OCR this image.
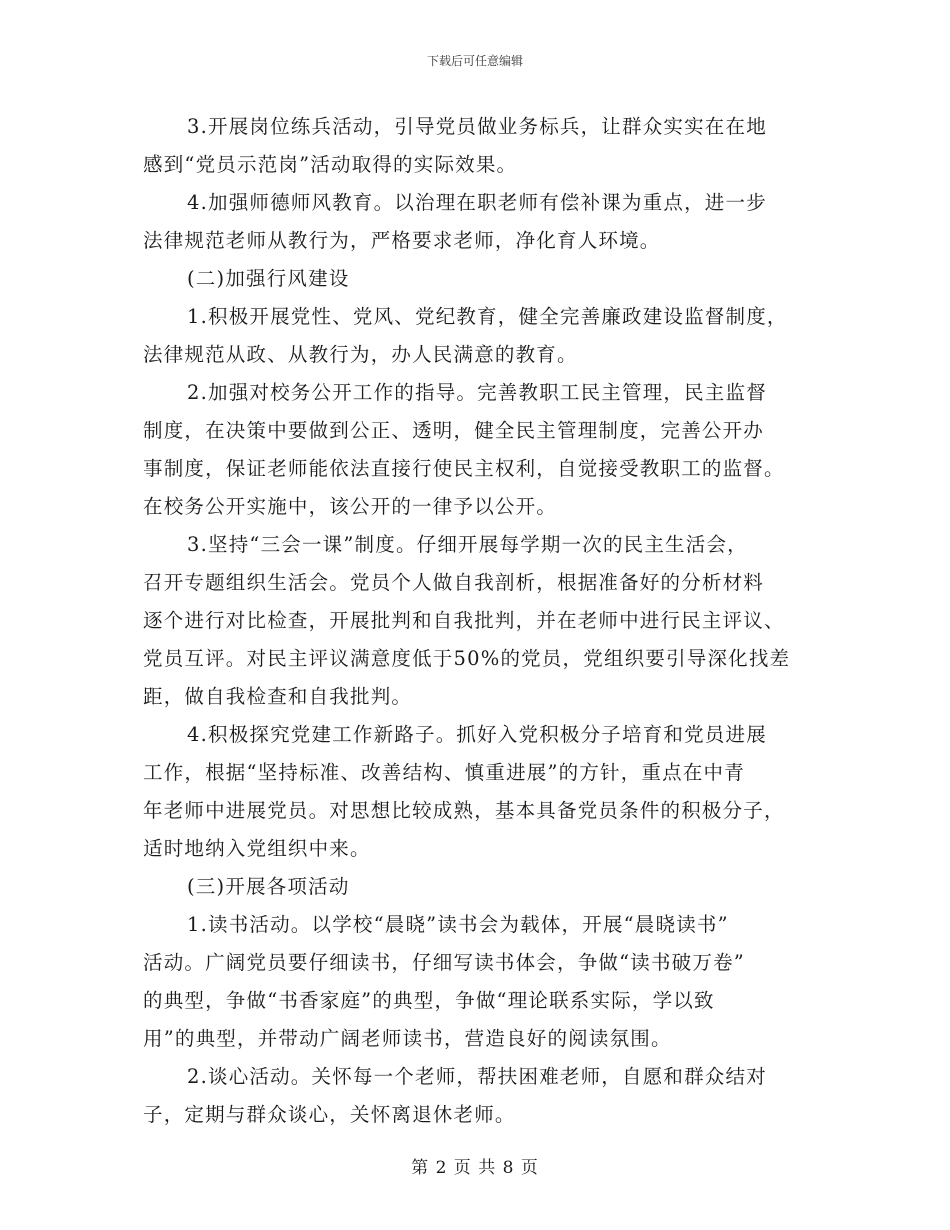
下载后可任意编辑
3.开展岗位练兵活动，引导党员做业务标兵，让群众实实在在地
感到“党员示范岗”活动取得的实际效果。
4.加强师德师风教育。以治理在职老师有偿补课为重点，进一步
法律规范老师从教行为，严格要求老师，净化育人环境。
(二)加强行风建设
1.积极开展党性、党风、党纪教育，健全完善廉政建设监督制度，
法律规范从政、从教行为，办人民满意的教育。
2.加强对校务公开工作的指导。完善教职工民主管理，民主监督
制度，在决策中要做到公正、透明，健全民主管理制度，完善公开办
事制度，保证老师能依法直接行使民主权利，自觉接受教职工的监督。
在校务公开实施中，该公开的一律予以公开。
3.坚持“三会一课”制度。仔细开展每学期一次的民主生活会，
召开专题组织生活会。党员个人做自我剖析，根据准备好的分析材料
逐个进行对比检查，开展批判和自我批判，并在老师中进行民主评议、
党员互评。对民主评议满意度低于50%的党员，党组织要引导深化找差
距，做自我检查和自我批判。
4.积极探究党建工作新路子。抓好入党积极分子培育和党员进展
工作，根据“坚持标准、改善结构、慎重进展”的方针，重点在中青
年老师中进展党员。对思想比较成熟，基本具备党员条件的积极分子，
适时地纳入党组织中来。
(三)开展各项活动
1.读书活动。以学校“晨晓”读书会为载体，开展“晨晓读书”
活动。广阔党员要仔细读书，仔细写读书体会，争做“读书破万卷”
的典型，争做“书香家庭”的典型，争做“理论联系实际，学以致
用”的典型，并带动广阔老师读书，营造良好的阅读氛围。
2.谈心活动。关怀每一个老师，帮扶困难老师，自愿和群众结对
子，定期与群众谈心，关怀离退休老师。
第 2 页 共 8 页
